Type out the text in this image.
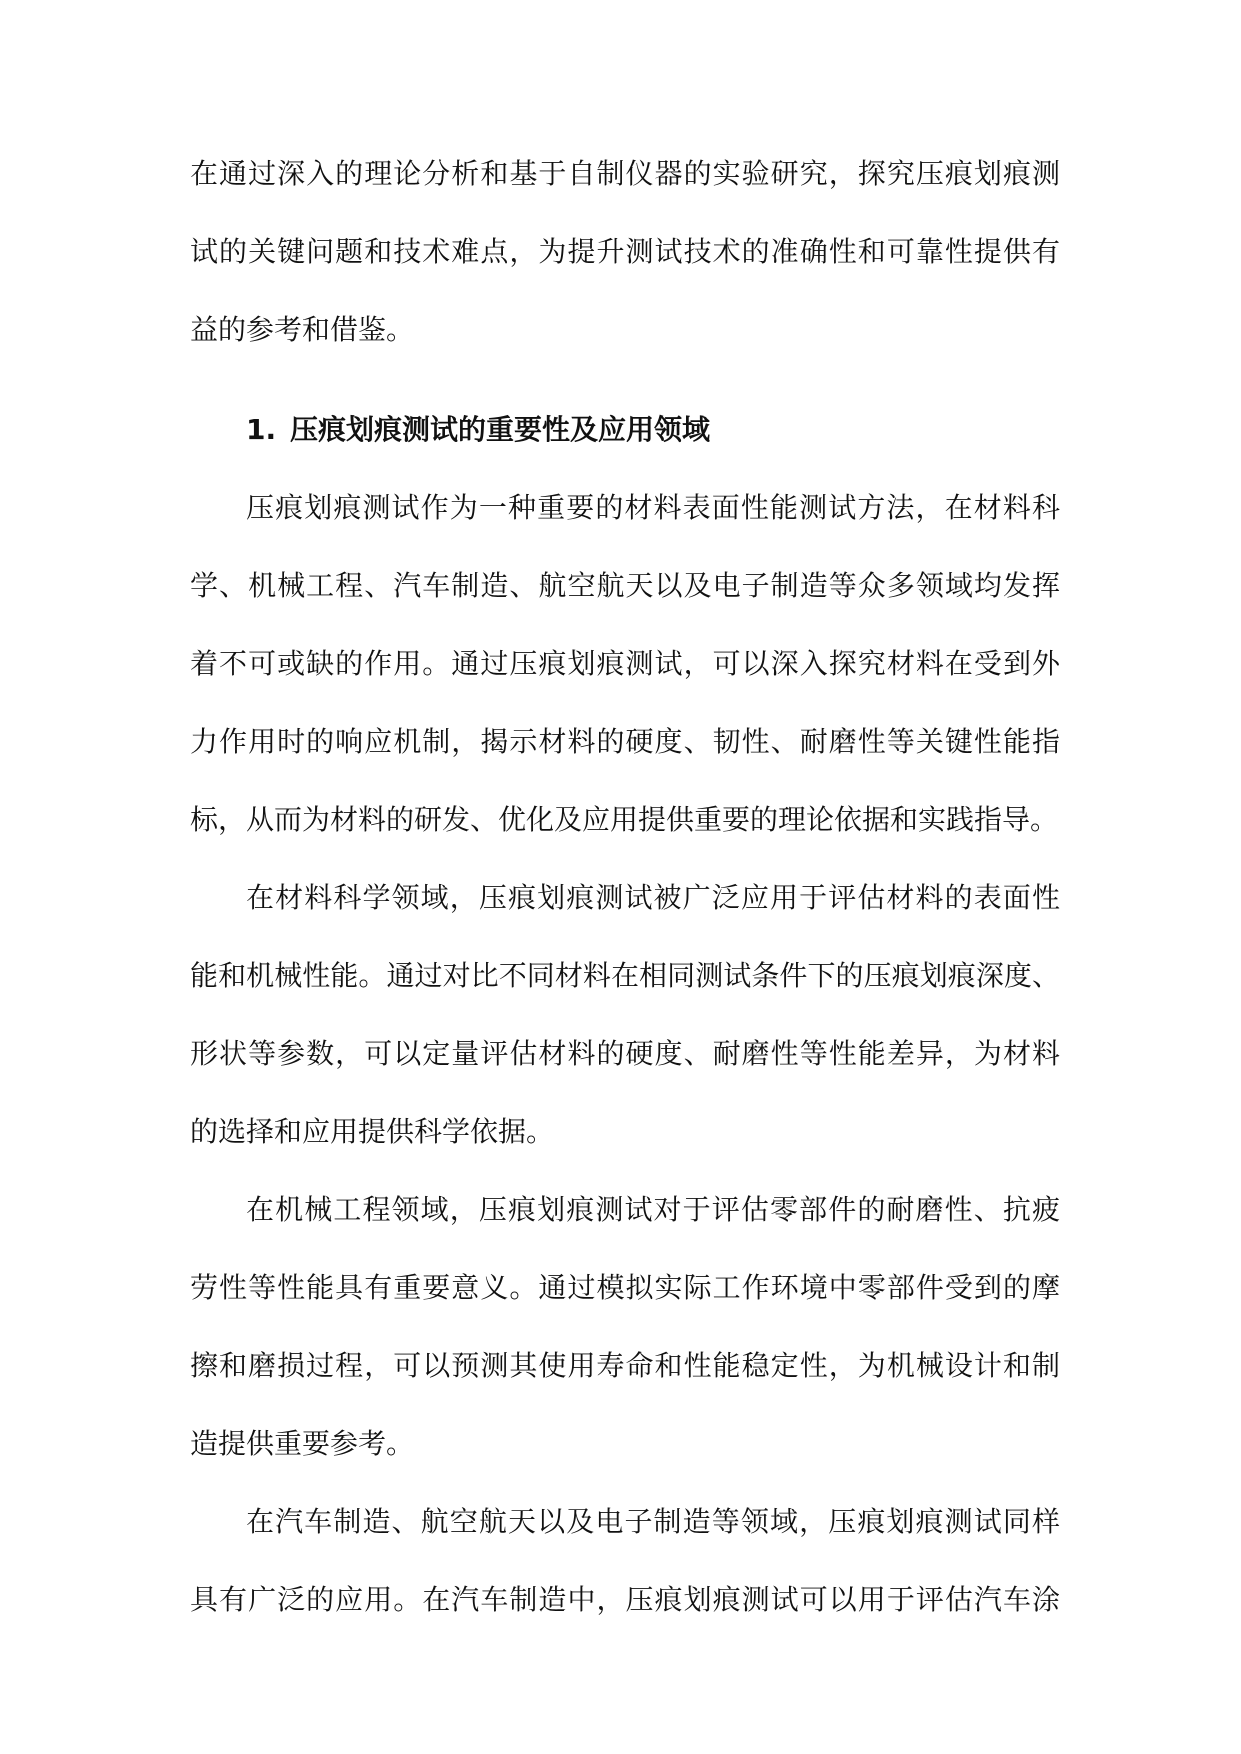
在通过深入的理论分析和基于自制仪器的实验研究，探究压痕划痕测
试的关键问题和技术难点，为提升测试技术的准确性和可靠性提供有
益的参考和借鉴。
1. 压痕划痕测试的重要性及应用领域
压痕划痕测试作为一种重要的材料表面性能测试方法，在材料科
学、机械工程、汽车制造、航空航天以及电子制造等众多领域均发挥
着不可或缺的作用。通过压痕划痕测试，可以深入探究材料在受到外
力作用时的响应机制，揭示材料的硬度、韧性、耐磨性等关键性能指
标，从而为材料的研发、优化及应用提供重要的理论依据和实践指导。
在材料科学领域，压痕划痕测试被广泛应用于评估材料的表面性
能和机械性能。通过对比不同材料在相同测试条件下的压痕划痕深度、
形状等参数，可以定量评估材料的硬度、耐磨性等性能差异，为材料
的选择和应用提供科学依据。
在机械工程领域，压痕划痕测试对于评估零部件的耐磨性、抗疲
劳性等性能具有重要意义。通过模拟实际工作环境中零部件受到的摩
擦和磨损过程，可以预测其使用寿命和性能稳定性，为机械设计和制
造提供重要参考。
在汽车制造、航空航天以及电子制造等领域，压痕划痕测试同样
具有广泛的应用。在汽车制造中，压痕划痕测试可以用于评估汽车涂
